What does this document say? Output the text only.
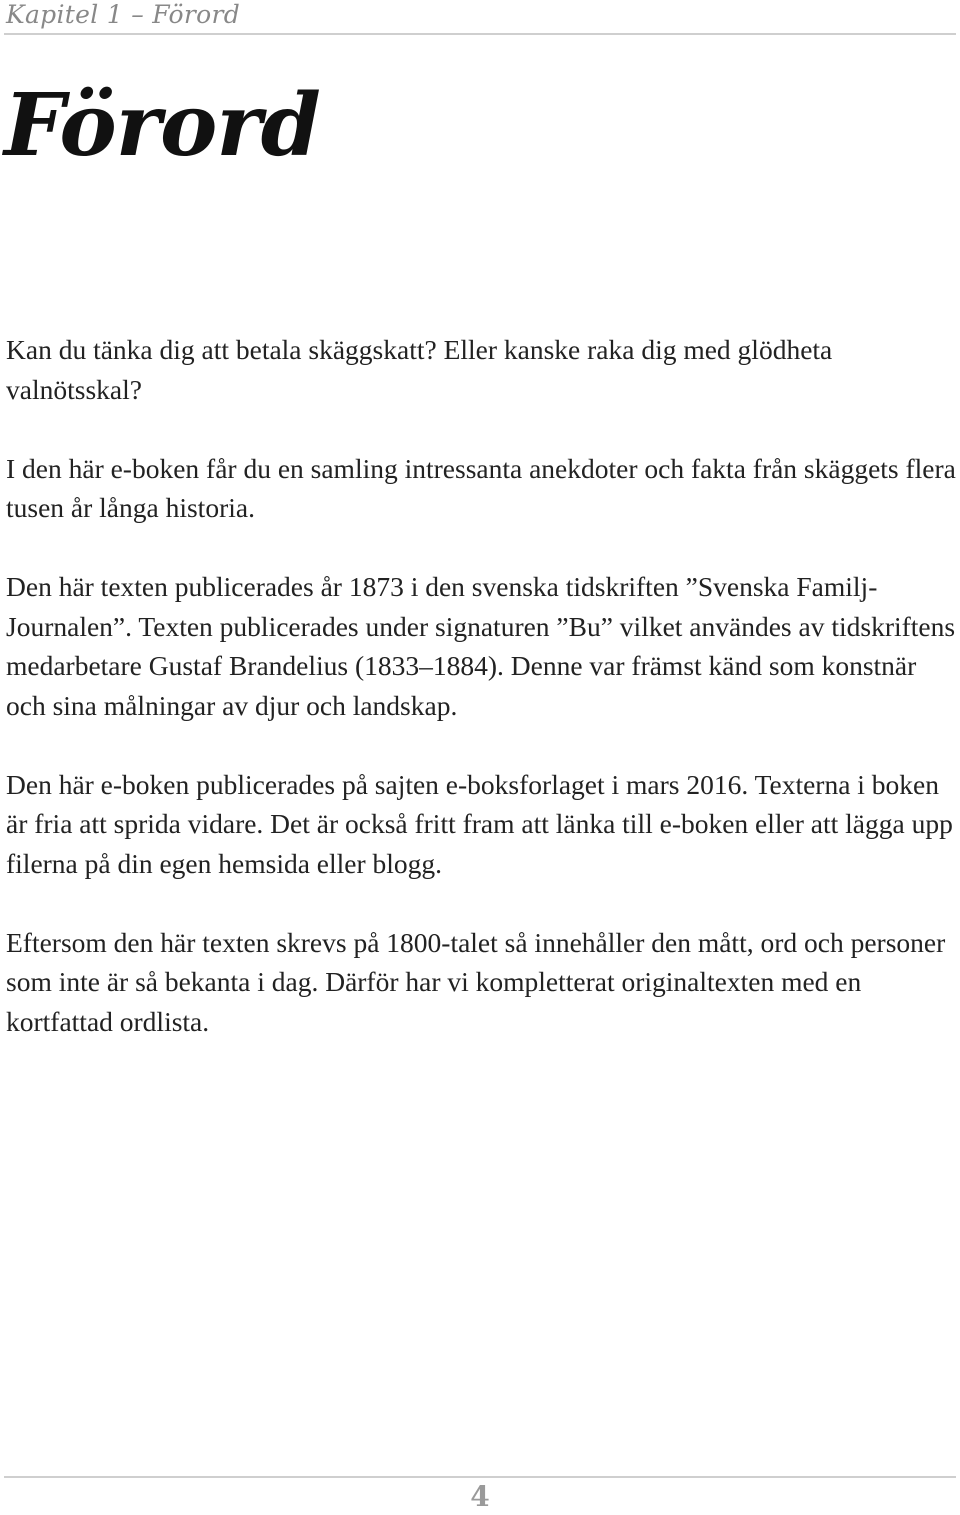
Kapitel 1 – Förord
Förord

Kan du tänka dig att betala skäggskatt? Eller kanske raka dig med glödheta valnötsskal?

I den här e-boken får du en samling intressanta anekdoter och fakta från skäggets flera tusen år långa historia.

Den här texten publicerades år 1873 i den svenska tidskriften ”Svenska Familj-Journalen”. Texten publicerades under signaturen ”Bu” vilket användes av tidskriftens medarbetare Gustaf Brandelius (1833–1884). Denne var främst känd som konstnär och sina målningar av djur och landskap.

Den här e-boken publicerades på sajten e-boksforlaget i mars 2016. Texterna i boken är fria att sprida vidare. Det är också fritt fram att länka till e-boken eller att lägga upp filerna på din egen hemsida eller blogg.

Eftersom den här texten skrevs på 1800-talet så innehåller den mått, ord och personer som inte är så bekanta i dag. Därför har vi kompletterat originaltexten med en kortfattad ordlista.

4
